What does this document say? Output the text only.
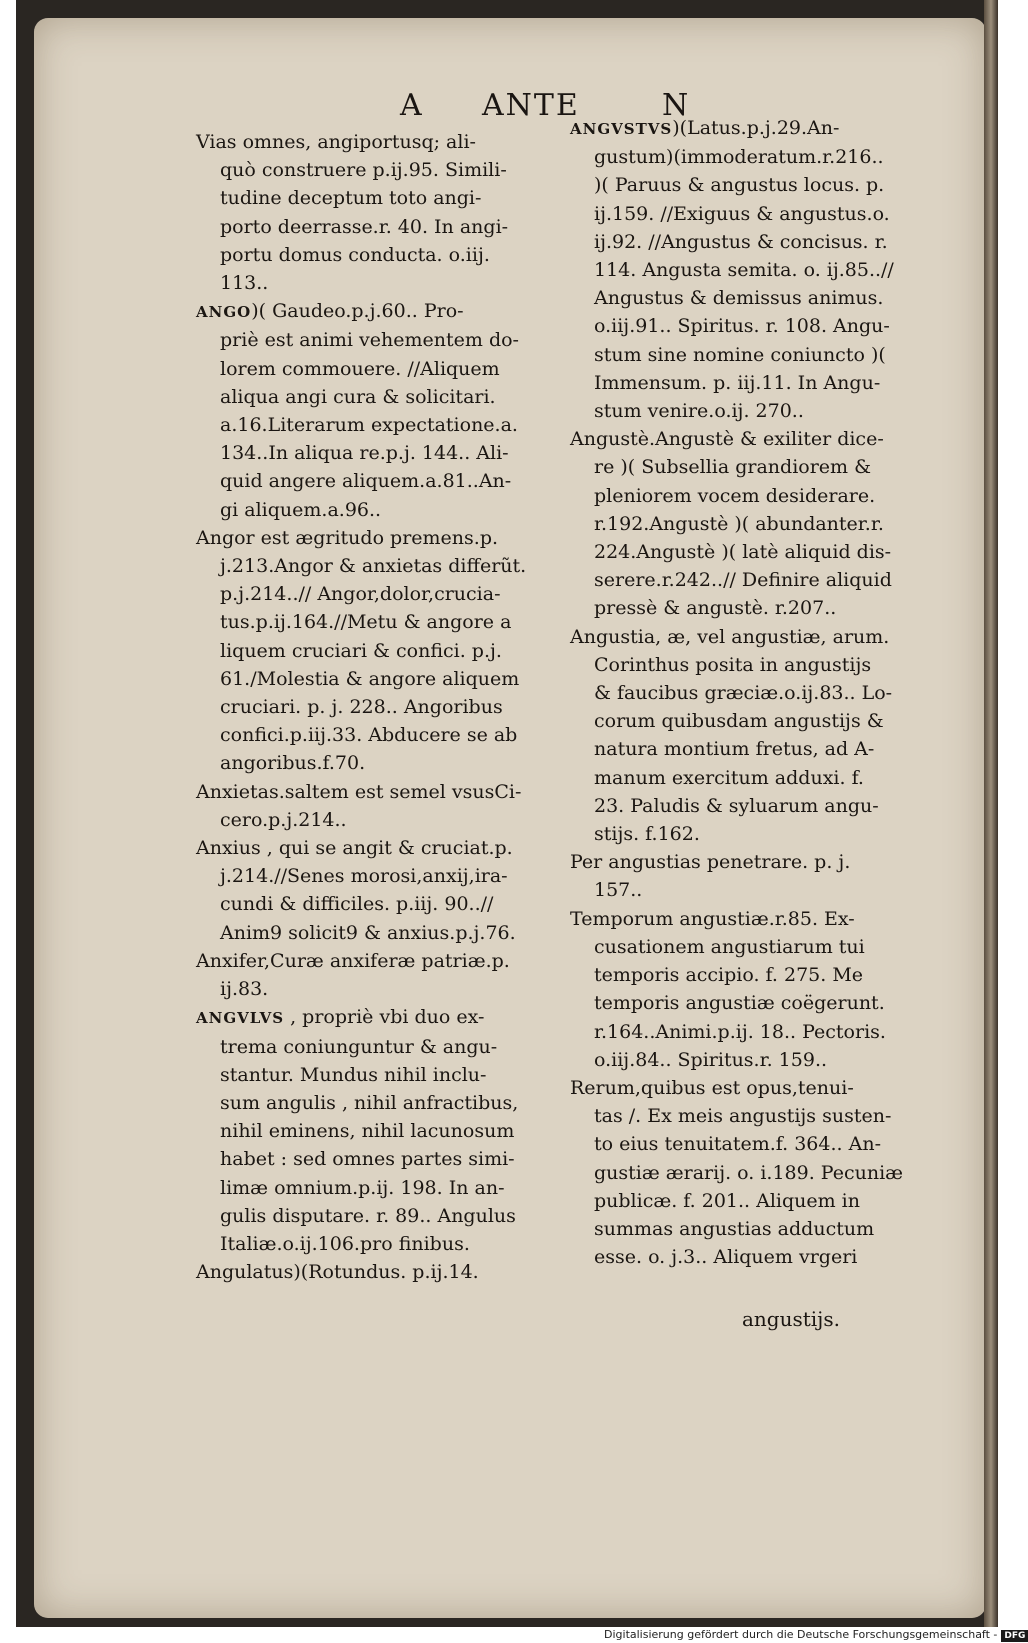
A ANTE	N

Vias omnes, angiportusq; ali-
quò construere p.ij.95. Simili-
tudine deceptum toto angi-
porto deerrasse.r. 40. In angi-
portu domus conducta. o.iij.
113..

ANGO)( Gaudeo.p.j.60.. Pro-
priè est animi vehementem do-
lorem commouere. //Aliquem
aliqua angi cura & solicitari.
a.16.Literarum expectatione.a.
134..In aliqua re.p.j. 144.. Ali-
quid angere aliquem.a.81..An-
gi aliquem.a.96..

Angor est ægritudo premens.p.
j.213.Angor & anxietas differũt.
p.j.214..// Angor,dolor,crucia-
tus.p.ij.164.//Metu & angore a
liquem cruciari & confici. p.j.
61./Molestia & angore aliquem
cruciari. p. j. 228.. Angoribus
confici.p.iij.33. Abducere se ab
angoribus.f.70.

Anxietas.saltem est semel vsusCi-
cero.p.j.214..

Anxius , qui se angit & cruciat.p.
j.214.//Senes morosi,anxij,ira-
cundi & difficiles. p.iij. 90..//
Anim9 solicit9 & anxius.p.j.76.

Anxifer,Curæ anxiferæ patriæ.p.
ij.83.

ANGVLVS , propriè vbi duo ex-
trema coniunguntur & angu-
stantur. Mundus nihil inclu-
sum angulis , nihil anfractibus,
nihil eminens, nihil lacunosum
habet : sed omnes partes simi-
limæ omnium.p.ij. 198. In an-
gulis disputare. r. 89.. Angulus
Italiæ.o.ij.106.pro finibus.

Angulatus)(Rotundus. p.ij.14.

ANGVSTVS)(Latus.p.j.29.An-
gustum)(immoderatum.r.216..
)( Paruus & angustus locus. p.
ij.159. //Exiguus & angustus.o.
ij.92. //Angustus & concisus. r.
114. Angusta semita. o. ij.85..//
Angustus & demissus animus.
o.iij.91.. Spiritus. r. 108. Angu-
stum sine nomine coniuncto )(
Immensum. p. iij.11. In Angu-
stum venire.o.ij. 270..

Angustè.Angustè & exiliter dice-
re )( Subsellia grandiorem &
pleniorem vocem desiderare.
r.192.Angustè )( abundanter.r.
224.Angustè )( latè aliquid dis-
serere.r.242..// Definire aliquid
pressè & angustè. r.207..

Angustia, æ, vel angustiæ, arum.
Corinthus posita in angustijs
& faucibus græciæ.o.ij.83.. Lo-
corum quibusdam angustijs &
natura montium fretus, ad A-
manum exercitum adduxi. f.
23. Paludis & syluarum angu-
stijs. f.162.

Per angustias penetrare. p. j.
157..

Temporum angustiæ.r.85. Ex-
cusationem angustiarum tui
temporis accipio. f. 275. Me
temporis angustiæ coëgerunt.
r.164..Animi.p.ij. 18.. Pectoris.
o.iij.84.. Spiritus.r. 159..

Rerum,quibus est opus,tenui-
tas /. Ex meis angustijs susten-
to eius tenuitatem.f. 364.. An-
gustiæ ærarij. o. i.189. Pecuniæ
publicæ. f. 201.. Aliquem in
summas angustias adductum
esse. o. j.3.. Aliquem vrgeri

angustijs.
Digitalisierung gefördert durch die Deutsche Forschungsgemeinschaft - DFG
